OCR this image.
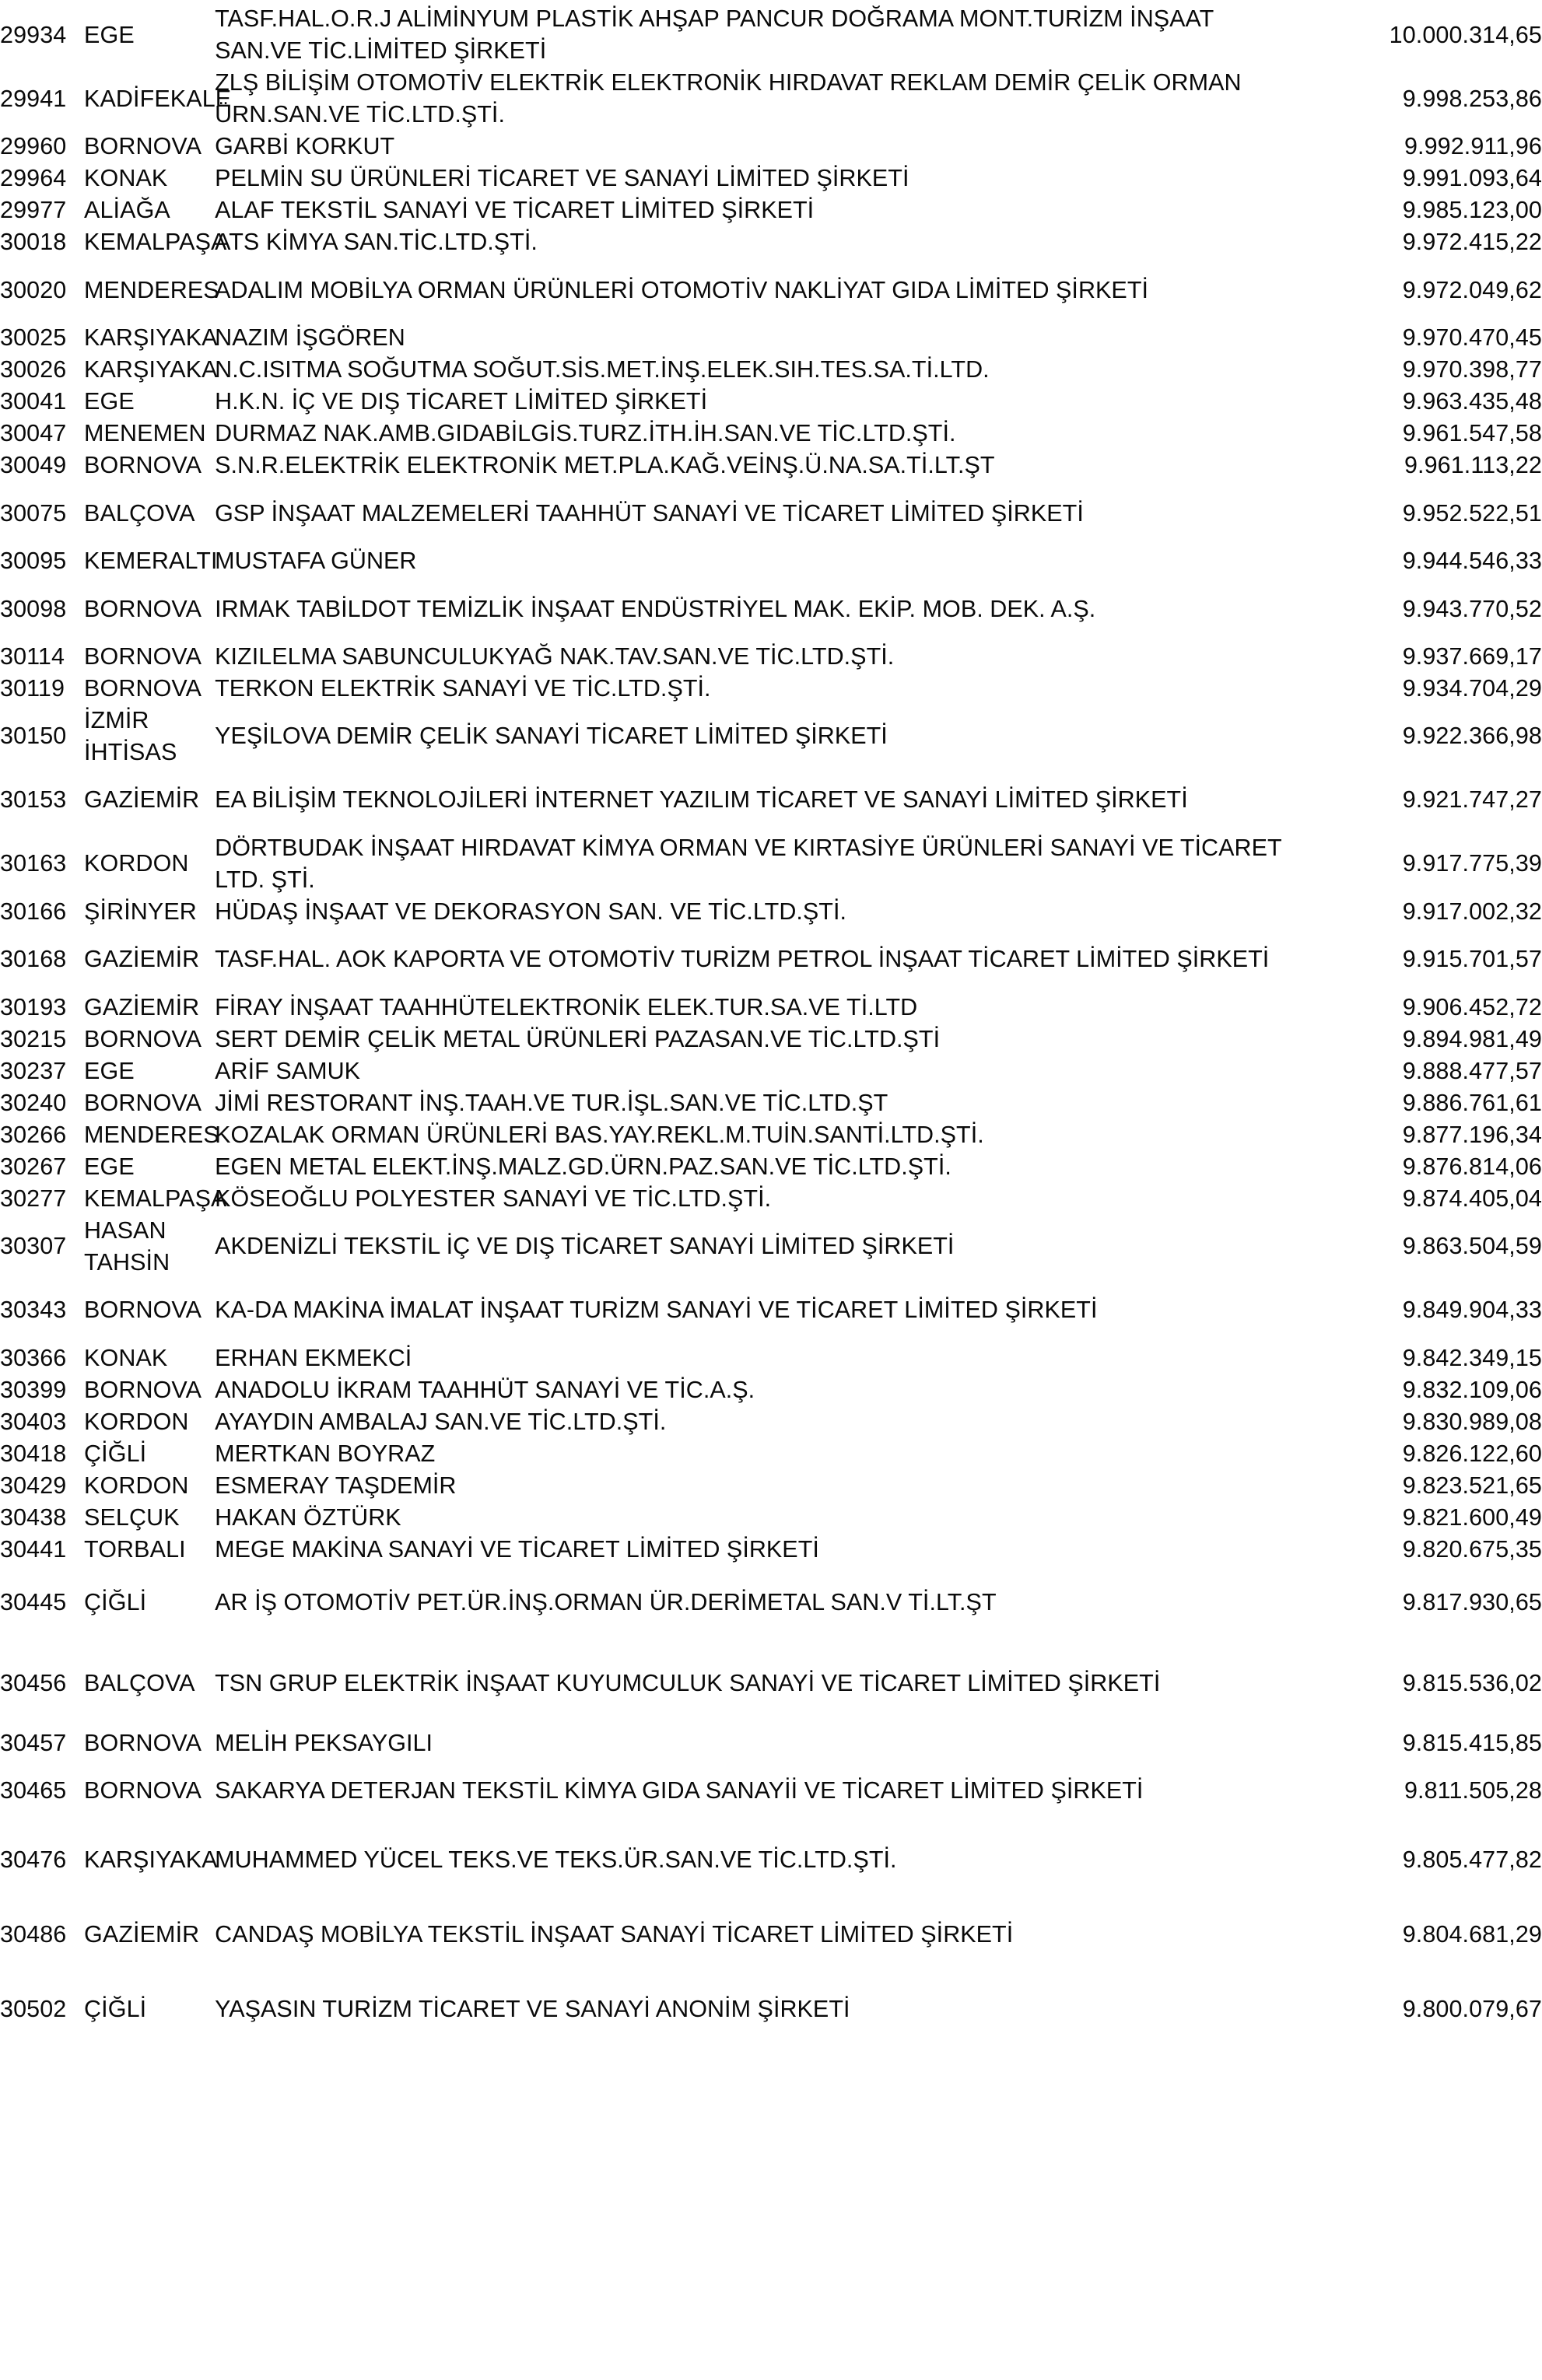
29934	EGE	TASF.HAL.O.R.J ALİMİNYUM PLASTİK AHŞAP PANCUR DOĞRAMA MONT.TURİZM İNŞAAT SAN.VE TİC.LİMİTED ŞİRKETİ	10.000.314,65
29941	KADİFEKALE	ZLŞ BİLİŞİM OTOMOTİV ELEKTRİK ELEKTRONİK HIRDAVAT REKLAM DEMİR ÇELİK ORMAN ÜRN.SAN.VE TİC.LTD.ŞTİ.	9.998.253,86
29960	BORNOVA	GARBİ KORKUT	9.992.911,96
29964	KONAK	PELMİN SU ÜRÜNLERİ TİCARET VE SANAYİ LİMİTED ŞİRKETİ	9.991.093,64
29977	ALİAĞA	ALAF TEKSTİL SANAYİ VE TİCARET LİMİTED ŞİRKETİ	9.985.123,00
30018	KEMALPAŞA	ATS KİMYA SAN.TİC.LTD.ŞTİ.	9.972.415,22
30020	MENDERES	ADALIM MOBİLYA ORMAN ÜRÜNLERİ OTOMOTİV NAKLİYAT GIDA LİMİTED ŞİRKETİ	9.972.049,62
30025	KARŞIYAKA	NAZIM İŞGÖREN	9.970.470,45
30026	KARŞIYAKA	N.C.ISITMA SOĞUTMA SOĞUT.SİS.MET.İNŞ.ELEK.SIH.TES.SA.Tİ.LTD.	9.970.398,77
30041	EGE	H.K.N. İÇ VE DIŞ TİCARET LİMİTED ŞİRKETİ	9.963.435,48
30047	MENEMEN	DURMAZ NAK.AMB.GIDABİLGİS.TURZ.İTH.İH.SAN.VE TİC.LTD.ŞTİ.	9.961.547,58
30049	BORNOVA	S.N.R.ELEKTRİK ELEKTRONİK MET.PLA.KAĞ.VEİNŞ.Ü.NA.SA.Tİ.LT.ŞT	9.961.113,22
30075	BALÇOVA	GSP İNŞAAT MALZEMELERİ TAAHHÜT SANAYİ VE TİCARET LİMİTED ŞİRKETİ	9.952.522,51
30095	KEMERALTI	MUSTAFA GÜNER	9.944.546,33
30098	BORNOVA	IRMAK TABİLDOT TEMİZLİK İNŞAAT ENDÜSTRİYEL MAK. EKİP. MOB. DEK. A.Ş.	9.943.770,52
30114	BORNOVA	KIZILELMA SABUNCULUKYAĞ NAK.TAV.SAN.VE TİC.LTD.ŞTİ.	9.937.669,17
30119	BORNOVA	TERKON ELEKTRİK SANAYİ VE TİC.LTD.ŞTİ.	9.934.704,29
30150	İZMİR İHTİSAS	YEŞİLOVA DEMİR ÇELİK SANAYİ TİCARET LİMİTED ŞİRKETİ	9.922.366,98
30153	GAZİEMİR	EA BİLİŞİM TEKNOLOJİLERİ İNTERNET YAZILIM TİCARET VE SANAYİ LİMİTED ŞİRKETİ	9.921.747,27
30163	KORDON	DÖRTBUDAK İNŞAAT HIRDAVAT KİMYA ORMAN VE KIRTASİYE ÜRÜNLERİ SANAYİ VE TİCARET LTD. ŞTİ.	9.917.775,39
30166	ŞİRİNYER	HÜDAŞ İNŞAAT VE DEKORASYON SAN. VE TİC.LTD.ŞTİ.	9.917.002,32
30168	GAZİEMİR	TASF.HAL. AOK KAPORTA VE OTOMOTİV TURİZM PETROL İNŞAAT TİCARET LİMİTED ŞİRKETİ	9.915.701,57
30193	GAZİEMİR	FİRAY İNŞAAT TAAHHÜTELEKTRONİK ELEK.TUR.SA.VE Tİ.LTD	9.906.452,72
30215	BORNOVA	SERT DEMİR ÇELİK METAL ÜRÜNLERİ PAZASAN.VE TİC.LTD.ŞTİ	9.894.981,49
30237	EGE	ARİF SAMUK	9.888.477,57
30240	BORNOVA	JİMİ RESTORANT İNŞ.TAAH.VE TUR.İŞL.SAN.VE TİC.LTD.ŞT	9.886.761,61
30266	MENDERES	KOZALAK ORMAN ÜRÜNLERİ BAS.YAY.REKL.M.TUİN.SANTİ.LTD.ŞTİ.	9.877.196,34
30267	EGE	EGEN METAL ELEKT.İNŞ.MALZ.GD.ÜRN.PAZ.SAN.VE TİC.LTD.ŞTİ.	9.876.814,06
30277	KEMALPAŞA	KÖSEOĞLU POLYESTER SANAYİ VE TİC.LTD.ŞTİ.	9.874.405,04
30307	HASAN TAHSİN	AKDENİZLİ TEKSTİL İÇ VE DIŞ TİCARET SANAYİ LİMİTED ŞİRKETİ	9.863.504,59
30343	BORNOVA	KA-DA MAKİNA İMALAT İNŞAAT TURİZM SANAYİ VE TİCARET LİMİTED ŞİRKETİ	9.849.904,33
30366	KONAK	ERHAN EKMEKCİ	9.842.349,15
30399	BORNOVA	ANADOLU İKRAM TAAHHÜT SANAYİ VE TİC.A.Ş.	9.832.109,06
30403	KORDON	AYAYDIN AMBALAJ SAN.VE TİC.LTD.ŞTİ.	9.830.989,08
30418	ÇİĞLİ	MERTKAN BOYRAZ	9.826.122,60
30429	KORDON	ESMERAY TAŞDEMİR	9.823.521,65
30438	SELÇUK	HAKAN ÖZTÜRK	9.821.600,49
30441	TORBALI	MEGE MAKİNA SANAYİ VE TİCARET LİMİTED ŞİRKETİ	9.820.675,35
30445	ÇİĞLİ	AR İŞ OTOMOTİV PET.ÜR.İNŞ.ORMAN ÜR.DERİMETAL SAN.V Tİ.LT.ŞT	9.817.930,65
30456	BALÇOVA	TSN GRUP ELEKTRİK İNŞAAT KUYUMCULUK SANAYİ VE TİCARET LİMİTED ŞİRKETİ	9.815.536,02
30457	BORNOVA	MELİH PEKSAYGILI	9.815.415,85
30465	BORNOVA	SAKARYA DETERJAN TEKSTİL KİMYA GIDA SANAYİİ VE TİCARET LİMİTED ŞİRKETİ	9.811.505,28
30476	KARŞIYAKA	MUHAMMED YÜCEL TEKS.VE TEKS.ÜR.SAN.VE TİC.LTD.ŞTİ.	9.805.477,82
30486	GAZİEMİR	CANDAŞ MOBİLYA TEKSTİL İNŞAAT SANAYİ TİCARET LİMİTED ŞİRKETİ	9.804.681,29
30502	ÇİĞLİ	YAŞASIN TURİZM TİCARET VE SANAYİ ANONİM ŞİRKETİ	9.800.079,67
